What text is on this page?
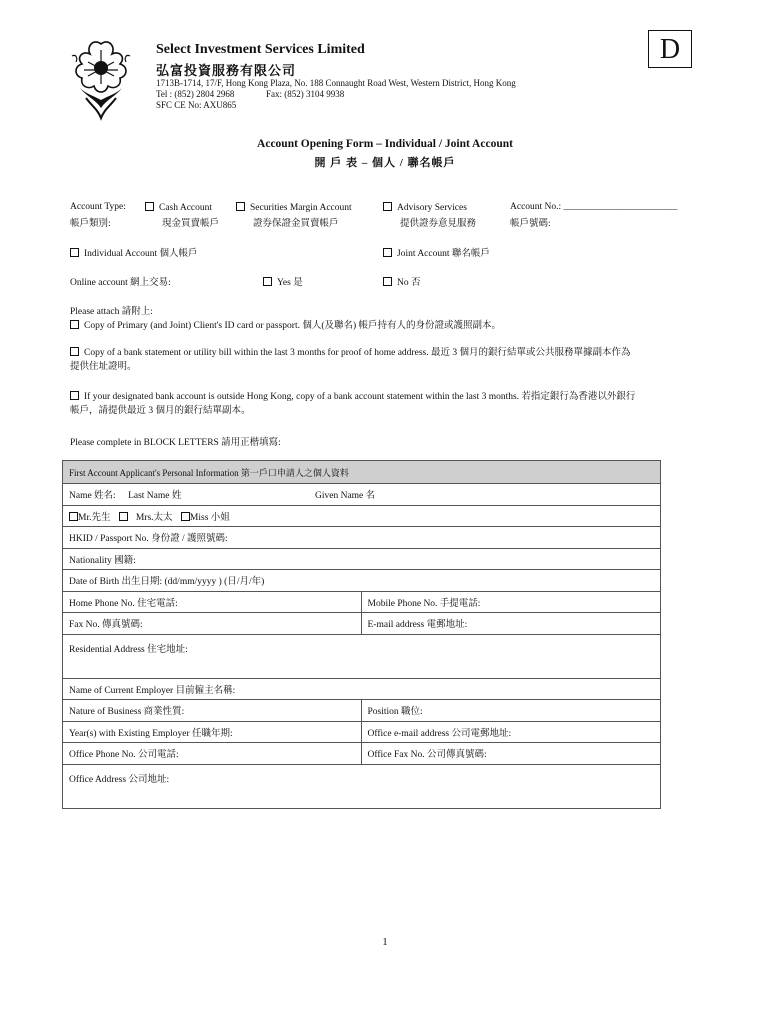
Select Investment Services Limited
弘富投資服務有限公司
1713B-1714, 17/F, Hong Kong Plaza, No. 188 Connaught Road West, Western District, Hong Kong
Tel : (852) 2804 2968	Fax: (852) 3104 9938
SFC CE No: AXU865
D
Account Opening Form – Individual / Joint Account
開 戶 表 – 個人 / 聯名帳戶
Account Type:
帳戶類別:
Cash Account
現金買賣帳戶
Securities Margin Account
證券保證金買賣帳戶
Advisory Services
提供證券意見服務
Account No.: ________________________
帳戶號碼:
Individual Account 個人帳戶	Joint Account 聯名帳戶
Online account 網上交易:	Yes 是	No 否
Please attach 請附上:
Copy of Primary (and Joint) Client's ID card or passport. 個人(及聯名) 帳戶持有人的身份證或護照副本。
Copy of a bank statement or utility bill within the last 3 months for proof of home address. 最近 3 個月的銀行結單或公共服務單據副本作為
提供住址證明。
If your designated bank account is outside Hong Kong, copy of a bank account statement within the last 3 months. 若指定銀行為香港以外銀行
帳戶，請提供最近 3 個月的銀行結單副本。
Please complete in BLOCK LETTERS 請用正楷填寫:
First Account Applicant's Personal Information 第一戶口申請人之個人資料	
Name 姓名: Last Name 姓 Given Name 名	

Mr.先生 Mrs.太太 Miss 小姐	
HKID / Passport No. 身份證 / 護照號碼:	
Nationality 國籍:	
Date of Birth 出生日期: (dd/mm/yyyy ) (日/月/年)	
Home Phone No. 住宅電話:	Mobile Phone No. 手提電話:
Fax No. 傳真號碼:	E-mail address 電郵地址:
Residential Address 住宅地址:	
Name of Current Employer 目前僱主名稱:	
Nature of Business 商業性質:	Position 職位:
Year(s) with Existing Employer 任職年期:	Office e-mail address 公司電郵地址:
Office Phone No. 公司電話:	Office Fax No. 公司傳真號碼:
Office Address 公司地址:	
1
